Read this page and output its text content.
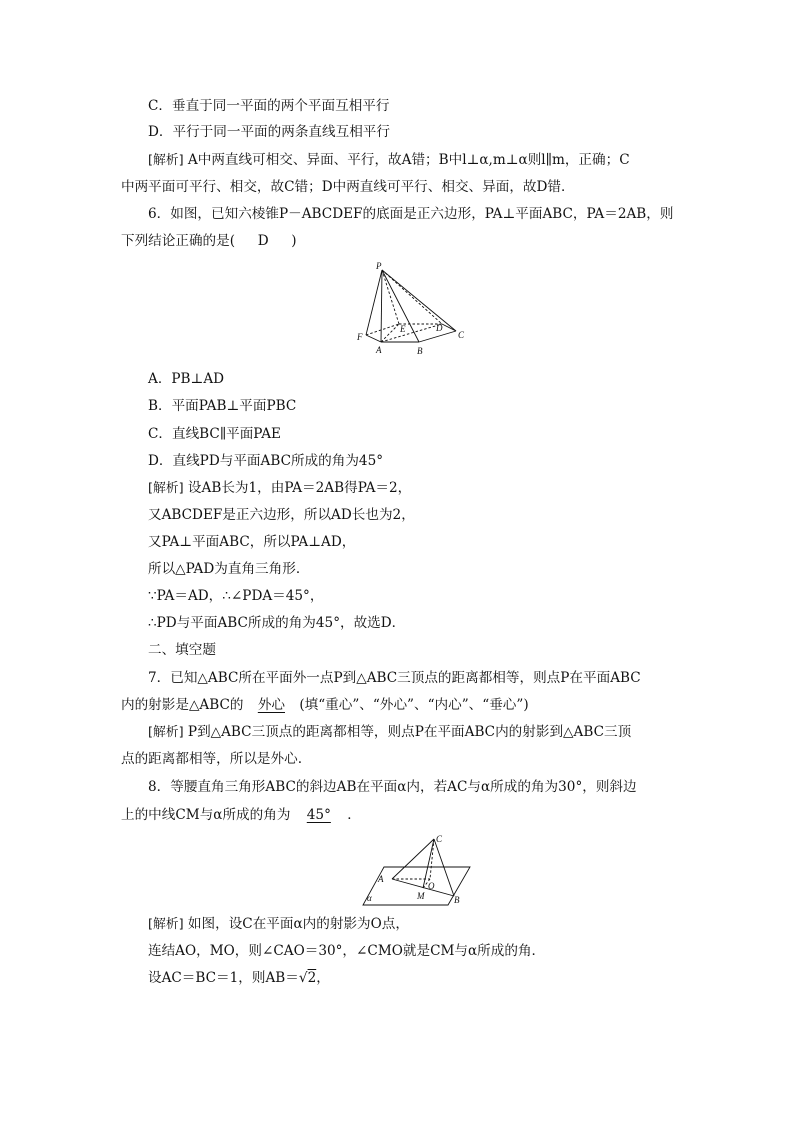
C．垂直于同一平面的两个平面互相平行
D．平行于同一平面的两条直线互相平行
[解析] A中两直线可相交、异面、平行，故A错；B中l⊥α,m⊥α则l∥m，正确；C
中两平面可平行、相交，故C错；D中两直线可平行、相交、异面，故D错．
6．如图，已知六棱锥P－ABCDEF的底面是正六边形，PA⊥平面ABC，PA＝2AB，则
下列结论正确的是( D )
P
F
A	B
C
D
E
A．PB⊥AD
B．平面PAB⊥平面PBC
C．直线BC∥平面PAE
D．直线PD与平面ABC所成的角为45°
[解析] 设AB长为1，由PA＝2AB得PA＝2，
又ABCDEF是正六边形，所以AD长也为2，
又PA⊥平面ABC，所以PA⊥AD，
所以△PAD为直角三角形．
∵PA＝AD，∴∠PDA＝45°，
∴PD与平面ABC所成的角为45°，故选D．
二、填空题
7．已知△ABC所在平面外一点P到△ABC三顶点的距离都相等，则点P在平面ABC
内的射影是△ABC的 外心 (填“重心”、“外心”、“内心”、“垂心”)
[解析] P到△ABC三顶点的距离都相等，则点P在平面ABC内的射影到△ABC三顶
点的距离都相等，所以是外心.
8．等腰直角三角形ABC的斜边AB在平面α内，若AC与α所成的角为30°，则斜边
上的中线CM与α所成的角为 45° ．
C
A
O
M	B
α
[解析] 如图，设C在平面α内的射影为O点，
连结AO，MO，则∠CAO＝30°，∠CMO就是CM与α所成的角．
设AC＝BC＝1，则AB＝√2，
